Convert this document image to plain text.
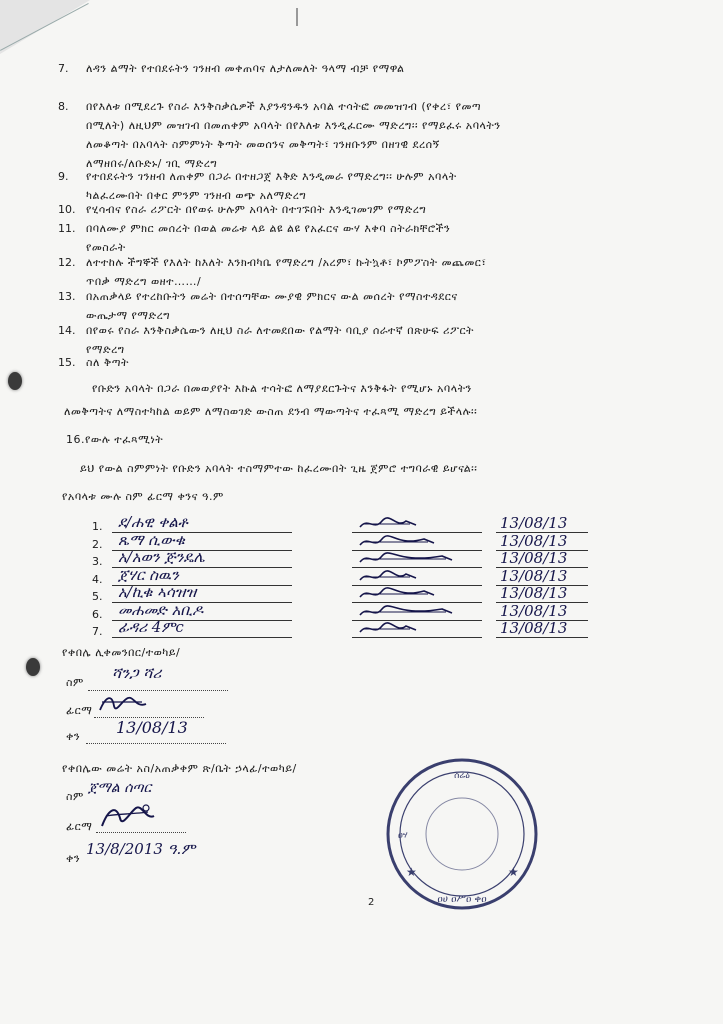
7. ለዳን ልማት የተበደሩትን ገንዘብ መቀጠባና ለታለመለት ዓላማ ብቻ የማዋል
8. በየእለቱ በሚደረጉ የስራ እንቅስቃሴዎች እያንዳንዱን አባል ተሳትፎ መመዝገብ (የቀረ፣ የመጣ
በሚለት) ለዚህም መዝገብ በመጠቀም አባላት በየእለቱ እንዲፈርሙ ማድረግ፡፡ የማይፈሩ አባላትን
ለመቆጣት በአባላት ስምምነት ቅጣት መወሰንና መቅጣት፣ ገንዘቡንም በዘገዊ ደረሰኝ
ለማዘበሩ/ለቡድኑ/ ገቢ ማድረግ
9. የተበደሩትን ገንዘብ ለጠቀም በጋራ በተዘጋጀ እቅድ እንዲመራ የማድረግ፡፡ ሁሉም አባላት
ካልፈረሙበት በቀር ምንም ገንዘብ ወጭ አለማድረግ
10. የሂሳብና የስራ ሪፖርት በየወሩ ሁሉም አባላት በተገኙበት እንዲገመገም የማድረግ
11. በባለሙያ ምክር መሰረት በወል መሬቱ ላይ ልዩ ልዩ የአፈርና ውሃ እቀባ ስትራክቸሮችን
የመስራት
12. ለተተከሉ ችግኞች የእለት ከእለት እንክብካቤ የማድረግ /አረም፣ ኩትኳቶ፣ ኮምፖስት መጨመር፣
ጥበቃ ማድረግ ወዘተ……/
13. በአጠቃላይ የተረከቡትን መሬት በተሰጣቸው ሙያዊ ምክርና ውል መሰረት የማስተዳደርና
ውጤታማ የማድረግ
14. በየወሩ የስራ እንቅስቃሴውን ለዚህ ስራ ለተመደበው የልማት ባቢያ ሰራተኛ በጽሁፍ ሪፖርት
የማድረግ
15. ስለ ቅጣት
የቡድን አባላት በጋራ በመወያየት እኩል ተሳትፎ ለማያደርጉትና እንቅፋት የሚሆኑ አባላትን
ለመቅጣትና ለማስተካከል ወይም ለማስወገድ ውስጠ ደንብ ማውጣትና ተፈጻሚ ማድረግ ይችላሉ፡፡
16.የውሉ ተፈጻሚነት
ይህ የውል ስምምነት የቡድን አባላት ተስማምተው ከፈረሙበት ጊዜ ጀምሮ ተግባራዊ ይሆናል፡፡
የአባላቱ ሙሉ ስም ፊርማ ቀንና ዓ.ም
1. ደ/ሐዊ ቀልቶ	13/08/13
2. ጼማ ሲውቁ	13/08/13
3. አ/አወን ጅንዴሌ	13/08/13
4. ጀሃር ስዉን	13/08/13
5. አ/ኪቁ ኣሳዝዝ	13/08/13
6. መሐመድ አቢዶ	13/08/13
7. ፊዳሪ 4ምc	13/08/13
የቀበሌ ሊቀመንበር/ተወካይ/
ስም
ሻንጋ ሻሪ
ፊርማ
ቀን 13/08/13
የቀበሌው መሬት አስ/አጠቃቀም ጽ/ቤት ኃላፊ/ተወካይ/
ስም
ጀማል ሰጣር
ፊርማ
ቀን
13/8/2013 ዓ.ም
ሰሬዕ
ዐሀ ዐሥዐ ቀዐ
ዐሃ
★	★
2
